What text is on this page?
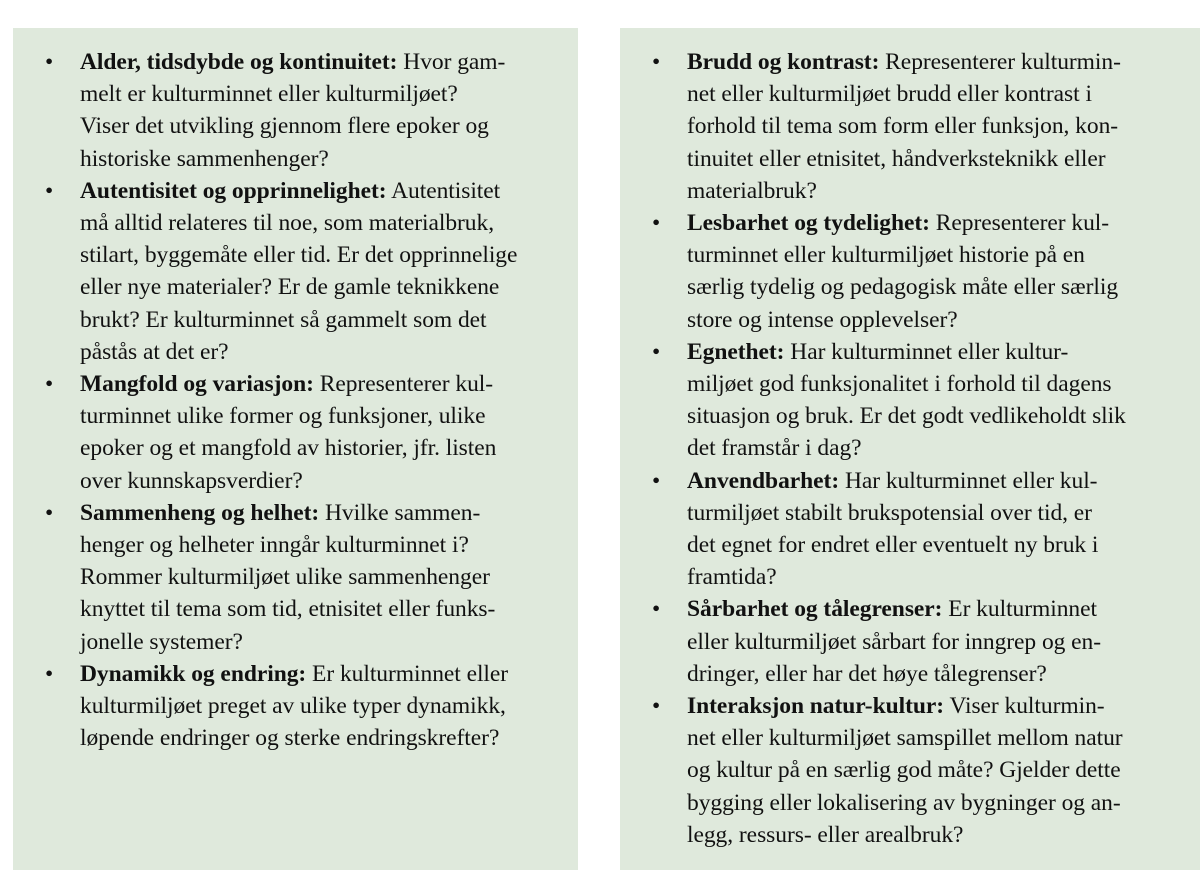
• Alder, tidsdybde og kontinuitet: Hvor gam-
melt er kulturminnet eller kulturmiljøet?
Viser det utvikling gjennom flere epoker og
historiske sammenhenger?
• Autentisitet og opprinnelighet: Autentisitet
må alltid relateres til noe, som materialbruk,
stilart, byggemåte eller tid. Er det opprinnelige
eller nye materialer? Er de gamle teknikkene
brukt? Er kulturminnet så gammelt som det
påstås at det er?
• Mangfold og variasjon: Representerer kul-
turminnet ulike former og funksjoner, ulike
epoker og et mangfold av historier, jfr. listen
over kunnskapsverdier?
• Sammenheng og helhet: Hvilke sammen-
henger og helheter inngår kulturminnet i?
Rommer kulturmiljøet ulike sammenhenger
knyttet til tema som tid, etnisitet eller funks-
jonelle systemer?
• Dynamikk og endring: Er kulturminnet eller
kulturmiljøet preget av ulike typer dynamikk,
løpende endringer og sterke endringskrefter?
• Brudd og kontrast: Representerer kulturmin-
net eller kulturmiljøet brudd eller kontrast i
forhold til tema som form eller funksjon, kon-
tinuitet eller etnisitet, håndverksteknikk eller
materialbruk?
• Lesbarhet og tydelighet: Representerer kul-
turminnet eller kulturmiljøet historie på en
særlig tydelig og pedagogisk måte eller særlig
store og intense opplevelser?
• Egnethet: Har kulturminnet eller kultur-
miljøet god funksjonalitet i forhold til dagens
situasjon og bruk. Er det godt vedlikeholdt slik
det framstår i dag?
• Anvendbarhet: Har kulturminnet eller kul-
turmiljøet stabilt brukspotensial over tid, er
det egnet for endret eller eventuelt ny bruk i
framtida?
• Sårbarhet og tålegrenser: Er kulturminnet
eller kulturmiljøet sårbart for inngrep og en-
dringer, eller har det høye tålegrenser?
• Interaksjon natur-kultur: Viser kulturmin-
net eller kulturmiljøet samspillet mellom natur
og kultur på en særlig god måte? Gjelder dette
bygging eller lokalisering av bygninger og an-
legg, ressurs- eller arealbruk?
